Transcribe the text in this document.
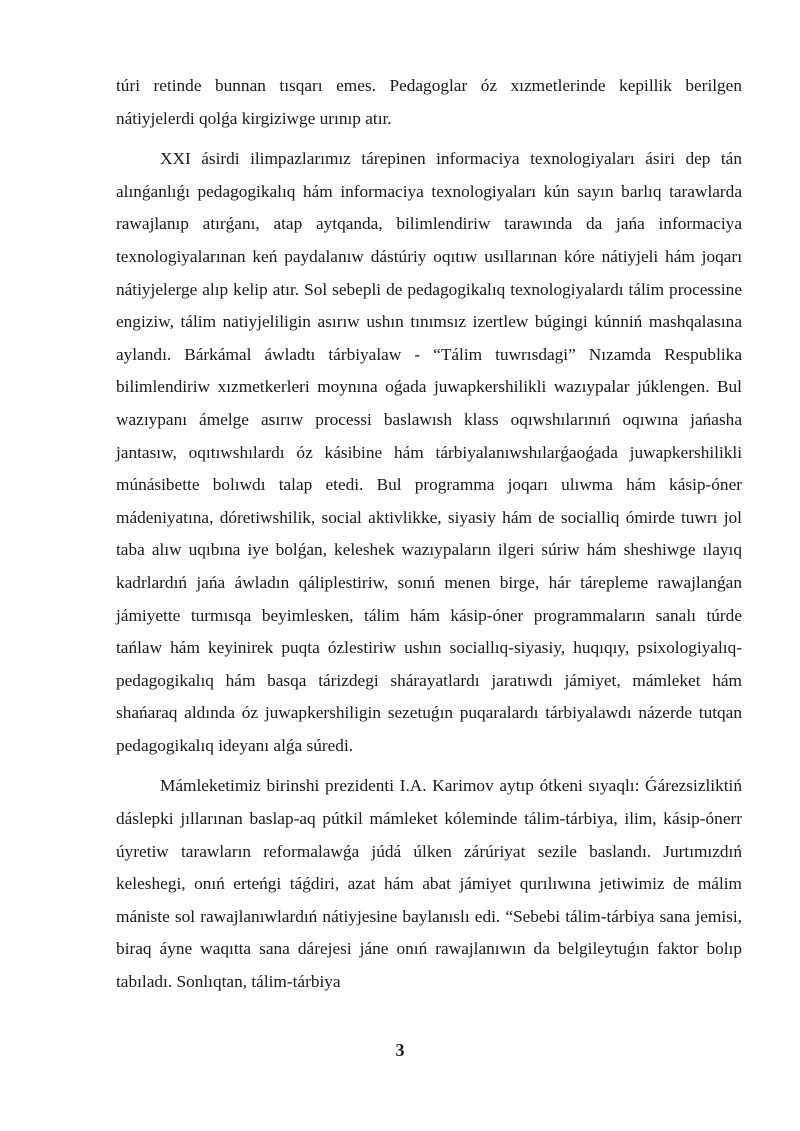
túri retinde bunnan tısqarı emes. Pedagoglar óz xızmetlerinde kepillik berilgen nátiyjelerdi qolǵa kirgiziwge urınıp atır.

XXI ásirdi ilimpazlarımız tárepinen informaciya texnologiyaları ásiri dep tán alınǵanlıǵı pedagogikalıq hám informaciya texnologiyaları kún sayın barlıq tarawlarda rawajlanıp atırǵanı, atap aytqanda, bilimlendiriw tarawında da jańa informaciya texnologiyalarınan keń paydalanıw dástúriy oqıtıw usıllarınan kóre nátiyjeli hám joqarı nátiyjelerge alıp kelip atır. Sol sebepli de pedagogikalıq texnologiyalardı tálim processine engiziw, tálim natiyjeliligin asırıw ushın tınımsız izertlew búgingi kúnniń mashqalasına aylandı. Bárkámal áwladtı tárbiyalaw - “Tálim tuwrısdagi” Nızamda Respublika bilimlendiriw xızmetkerleri moynına oǵada juwapkershilikli wazıypalar júklengen. Bul wazıypanı ámelge asırıw processi baslawısh klass oqıwshılarınıń oqıwına jańasha jantasıw, oqıtıwshılardı óz kásibine hám tárbiyalanıwshılarǵaoǵada juwapkershilikli múnásibette bolıwdı talap etedi. Bul programma joqarı ulıwma hám kásip-óner mádeniyatına, dóretiwshilik, social aktivlikke, siyasiy hám de socialliq ómirde tuwrı jol taba alıw uqıbına iye bolǵan, keleshek wazıypaların ilgeri súriw hám sheshiwge ılayıq kadrlardıń jańa áwladın qáliplestiriw, sonıń menen birge, hár tárepleme rawajlanǵan jámiyette turmısqa beyimlesken, tálim hám kásip-óner programmaların sanalı túrde tańlaw hám keyinirek puqta ózlestiriw ushın sociallıq-siyasiy, huqıqıy, psixologiyalıq-pedagogikalıq hám basqa tárizdegi shárayatlardı jaratıwdı jámiyet, mámleket hám shańaraq aldında óz juwapkershiligin sezetuǵın puqaralardı tárbiyalawdı názerde tutqan pedagogikalıq ideyanı alǵa súredi.

Mámleketimiz birinshi prezidenti I.A. Karimov aytıp ótkeni sıyaqlı: Ǵárezsizliktiń dáslepki jıllarınan baslap-aq pútkil mámleket kóleminde tálim-tárbiya, ilim, kásip-ónerr úyretiw tarawların reformalawǵa júdá úlken zárúriyat sezile baslandı. Jurtımızdıń keleshegi, onıń erteńgi táǵdiri, azat hám abat jámiyet qurılıwına jetiwimiz de málim mániste sol rawajlanıwlardıń nátiyjesine baylanıslı edi. “Sebebi tálim-tárbiya sana jemisi, biraq áyne waqıtta sana dárejesi jáne onıń rawajlanıwın da belgileytuǵın faktor bolıp tabıladı. Sonlıqtan, tálim-tárbiya

3
